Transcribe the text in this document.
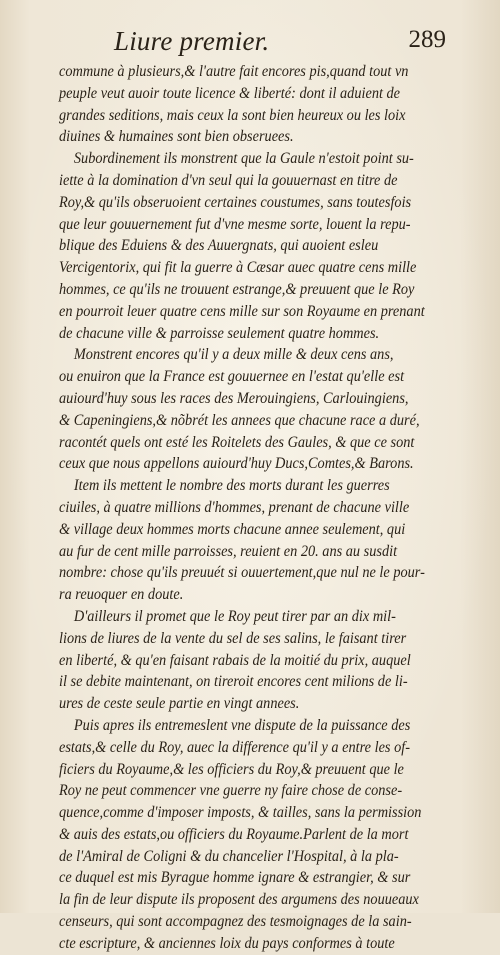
Liure premier.	289
commune à plusieurs,& l'autre fait encores pis,quand tout vn
peuple veut auoir toute licence & liberté: dont il aduient de
grandes seditions, mais ceux la sont bien heureux ou les loix
diuines & humaines sont bien obseruees.
Subordinement ils monstrent que la Gaule n'estoit point su-
iette à la domination d'vn seul qui la gouuernast en titre de
Roy,& qu'ils obseruoient certaines coustumes, sans toutesfois
que leur gouuernement fut d'vne mesme sorte, louent la repu-
blique des Eduiens & des Auuergnats, qui auoient esleu
Vercigentorix, qui fit la guerre à Cæsar auec quatre cens mille
hommes, ce qu'ils ne trouuent estrange,& preuuent que le Roy
en pourroit leuer quatre cens mille sur son Royaume en prenant
de chacune ville & parroisse seulement quatre hommes.
Monstrent encores qu'il y a deux mille & deux cens ans,
ou enuiron que la France est gouuernee en l'estat qu'elle est
auiourd'huy sous les races des Merouingiens, Carlouingiens,
& Capeningiens,& nõbrét les annees que chacune race a duré,
racontét quels ont esté les Roitelets des Gaules, & que ce sont
ceux que nous appellons auiourd'huy Ducs,Comtes,& Barons.
Item ils mettent le nombre des morts durant les guerres
ciuiles, à quatre millions d'hommes, prenant de chacune ville
& village deux hommes morts chacune annee seulement, qui
au fur de cent mille parroisses, reuient en 20. ans au susdit
nombre: chose qu'ils preuuét si ouuertement,que nul ne le pour-
ra reuoquer en doute.
D'ailleurs il promet que le Roy peut tirer par an dix mil-
lions de liures de la vente du sel de ses salins, le faisant tirer
en liberté, & qu'en faisant rabais de la moitié du prix, auquel
il se debite maintenant, on tireroit encores cent milions de li-
ures de ceste seule partie en vingt annees.
Puis apres ils entremeslent vne dispute de la puissance des
estats,& celle du Roy, auec la difference qu'il y a entre les of-
ficiers du Royaume,& les officiers du Roy,& preuuent que le
Roy ne peut commencer vne guerre ny faire chose de conse-
quence,comme d'imposer imposts, & tailles, sans la permission
& auis des estats,ou officiers du Royaume.Parlent de la mort
de l'Amiral de Coligni & du chancelier l'Hospital, à la pla-
ce duquel est mis Byrague homme ignare & estrangier, & sur
la fin de leur dispute ils proposent des argumens des nouueaux
censeurs, qui sont accompagnez des tesmoignages de la sain-
cte escripture, & anciennes loix du pays conformes à toute
